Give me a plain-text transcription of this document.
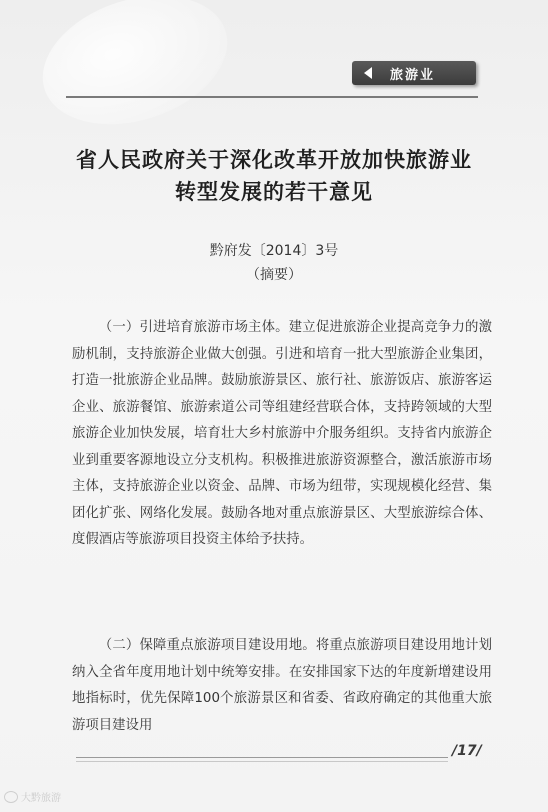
旅游业
省人民政府关于深化改革开放加快旅游业
转型发展的若干意见
黔府发〔2014〕3号
（摘要）

（一）引进培育旅游市场主体。建立促进旅游企业提高竞争力的激励机制，支持旅游企业做大创强。引进和培育一批大型旅游企业集团，打造一批旅游企业品牌。鼓励旅游景区、旅行社、旅游饭店、旅游客运企业、旅游餐馆、旅游索道公司等组建经营联合体，支持跨领域的大型旅游企业加快发展，培育壮大乡村旅游中介服务组织。支持省内旅游企业到重要客源地设立分支机构。积极推进旅游资源整合，激活旅游市场主体，支持旅游企业以资金、品牌、市场为纽带，实现规模化经营、集团化扩张、网络化发展。鼓励各地对重点旅游景区、大型旅游综合体、度假酒店等旅游项目投资主体给予扶持。

（二）保障重点旅游项目建设用地。将重点旅游项目建设用地计划纳入全省年度用地计划中统筹安排。在安排国家下达的年度新增建设用地指标时，优先保障100个旅游景区和省委、省政府确定的其他重大旅游项目建设用

/17/
大黔旅游
